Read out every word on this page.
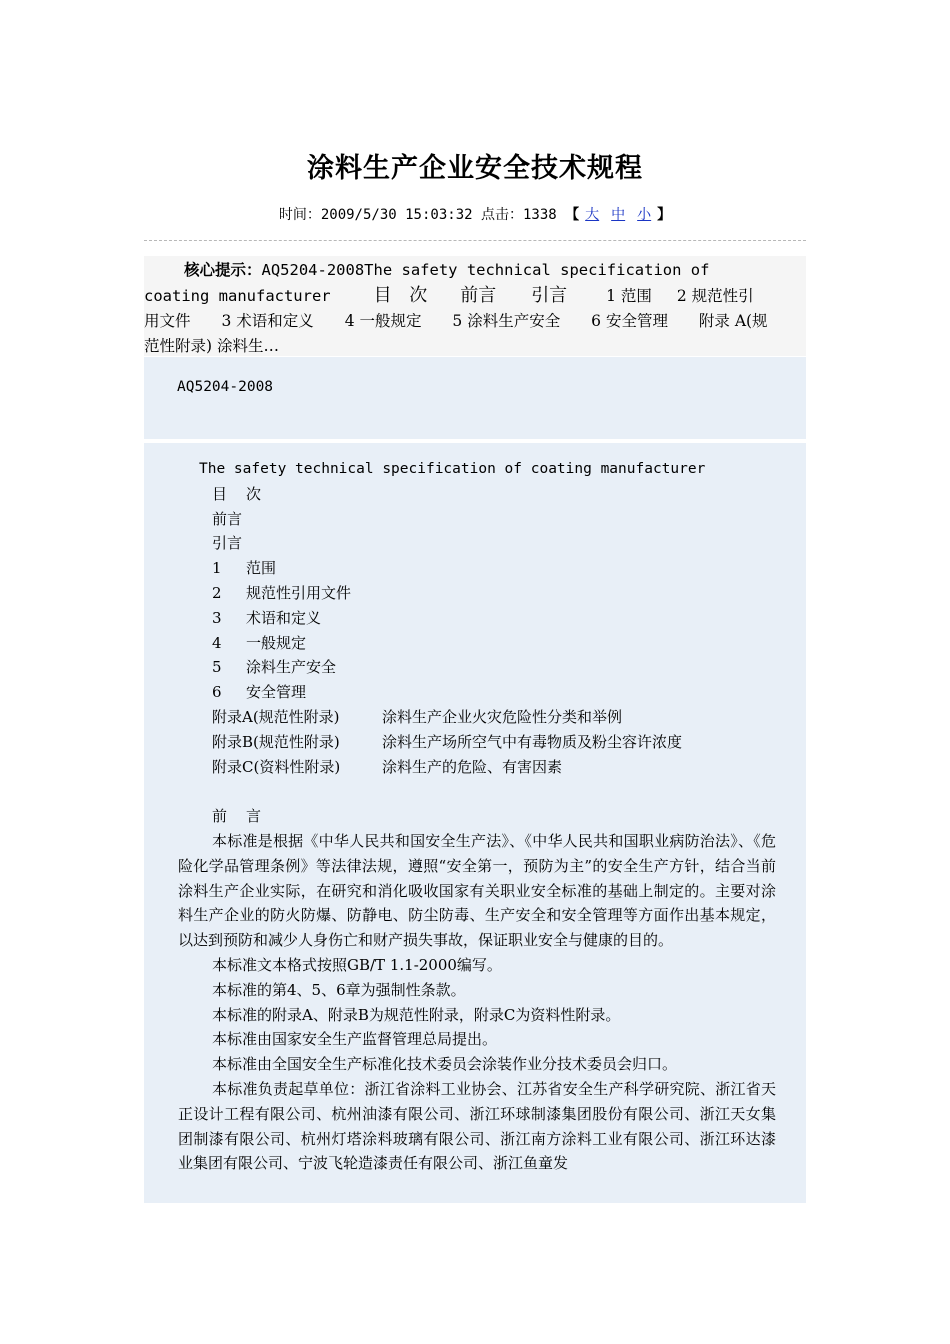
涂料生产企业安全技术规程
时间：2009/5/30 15:03:32 点击：1338 【 大 中 小 】
核心提示：AQ5204-2008The safety technical specification of
coating manufacturer 目 次 前言 引言	1 范围 2 规范性引
用文件 3 术语和定义 4 一般规定 5 涂料生产安全 6 安全管理 附录 A(规
范性附录) 涂料生…
AQ5204-2008
The safety technical specification of coating manufacturer
目　次
前言
引言
1 范围
2 规范性引用文件
3 术语和定义
4 一般规定
5 涂料生产安全
6 安全管理
附录A(规范性附录)	涂料生产企业火灾危险性分类和举例
附录B(规范性附录)	涂料生产场所空气中有毒物质及粉尘容许浓度
附录C(资料性附录)	涂料生产的危险、有害因素
前　言
本标准是根据《中华人民共和国安全生产法》、《中华人民共和国职业病防治法》、《危险化学品管理条例》等法律法规，遵照“安全第一，预防为主”的安全生产方针，结合当前涂料生产企业实际，在研究和消化吸收国家有关职业安全标准的基础上制定的。主要对涂料生产企业的防火防爆、防静电、防尘防毒、生产安全和安全管理等方面作出基本规定，以达到预防和减少人身伤亡和财产损失事故，保证职业安全与健康的目的。
本标准文本格式按照GB/T 1.1-2000编写。
本标准的第4、5、6章为强制性条款。
本标准的附录A、附录B为规范性附录，附录C为资料性附录。
本标准由国家安全生产监督管理总局提出。
本标准由全国安全生产标准化技术委员会涂装作业分技术委员会归口。
本标准负责起草单位：浙江省涂料工业协会、江苏省安全生产科学研究院、浙江省天正设计工程有限公司、杭州油漆有限公司、浙江环球制漆集团股份有限公司、浙江天女集团制漆有限公司、杭州灯塔涂料玻璃有限公司、浙江南方涂料工业有限公司、浙江环达漆业集团有限公司、宁波飞轮造漆责任有限公司、浙江鱼童发
